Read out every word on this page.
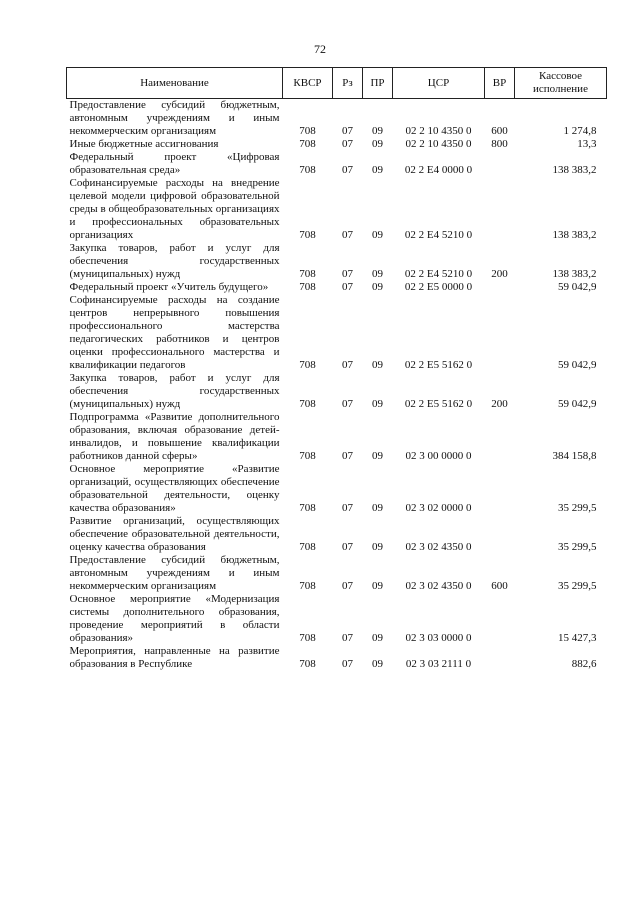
72
Наименование	КВСР	Рз	ПР	ЦСР	ВР	Кассовое исполнение
Предоставление субсидий бюджетным, автономным учреждениям и иным некоммерческим организациям	708	07	09	02 2 10 4350 0	600	1 274,8
Иные бюджетные ассигнования	708	07	09	02 2 10 4350 0	800	13,3
Федеральный проект «Цифровая образовательная среда»	708	07	09	02 2 E4 0000 0		138 383,2
Софинансируемые расходы на внедрение целевой модели цифровой образовательной среды в общеобразовательных организациях и профессиональных образовательных организациях	708	07	09	02 2 E4 5210 0		138 383,2
Закупка товаров, работ и услуг для обеспечения государственных (муниципальных) нужд	708	07	09	02 2 E4 5210 0	200	138 383,2
Федеральный проект «Учитель будущего»	708	07	09	02 2 E5 0000 0		59 042,9
Софинансируемые расходы на создание центров непрерывного повышения профессионального мастерства педагогических работников и центров оценки профессионального мастерства и квалификации педагогов	708	07	09	02 2 E5 5162 0		59 042,9
Закупка товаров, работ и услуг для обеспечения государственных (муниципальных) нужд	708	07	09	02 2 E5 5162 0	200	59 042,9
Подпрограмма «Развитие дополнительного образования, включая образование детей-инвалидов, и повышение квалификации работников данной сферы»	708	07	09	02 3 00 0000 0		384 158,8
Основное мероприятие «Развитие организаций, осуществляющих обеспечение образовательной деятельности, оценку качества образования»	708	07	09	02 3 02 0000 0		35 299,5
Развитие организаций, осуществляющих обеспечение образовательной деятельности, оценку качества образования	708	07	09	02 3 02 4350 0		35 299,5
Предоставление субсидий бюджетным, автономным учреждениям и иным некоммерческим организациям	708	07	09	02 3 02 4350 0	600	35 299,5
Основное мероприятие «Модернизация системы дополнительного образования, проведение мероприятий в области образования»	708	07	09	02 3 03 0000 0		15 427,3
Мероприятия, направленные на развитие образования в Республике	708	07	09	02 3 03 2111 0		882,6
